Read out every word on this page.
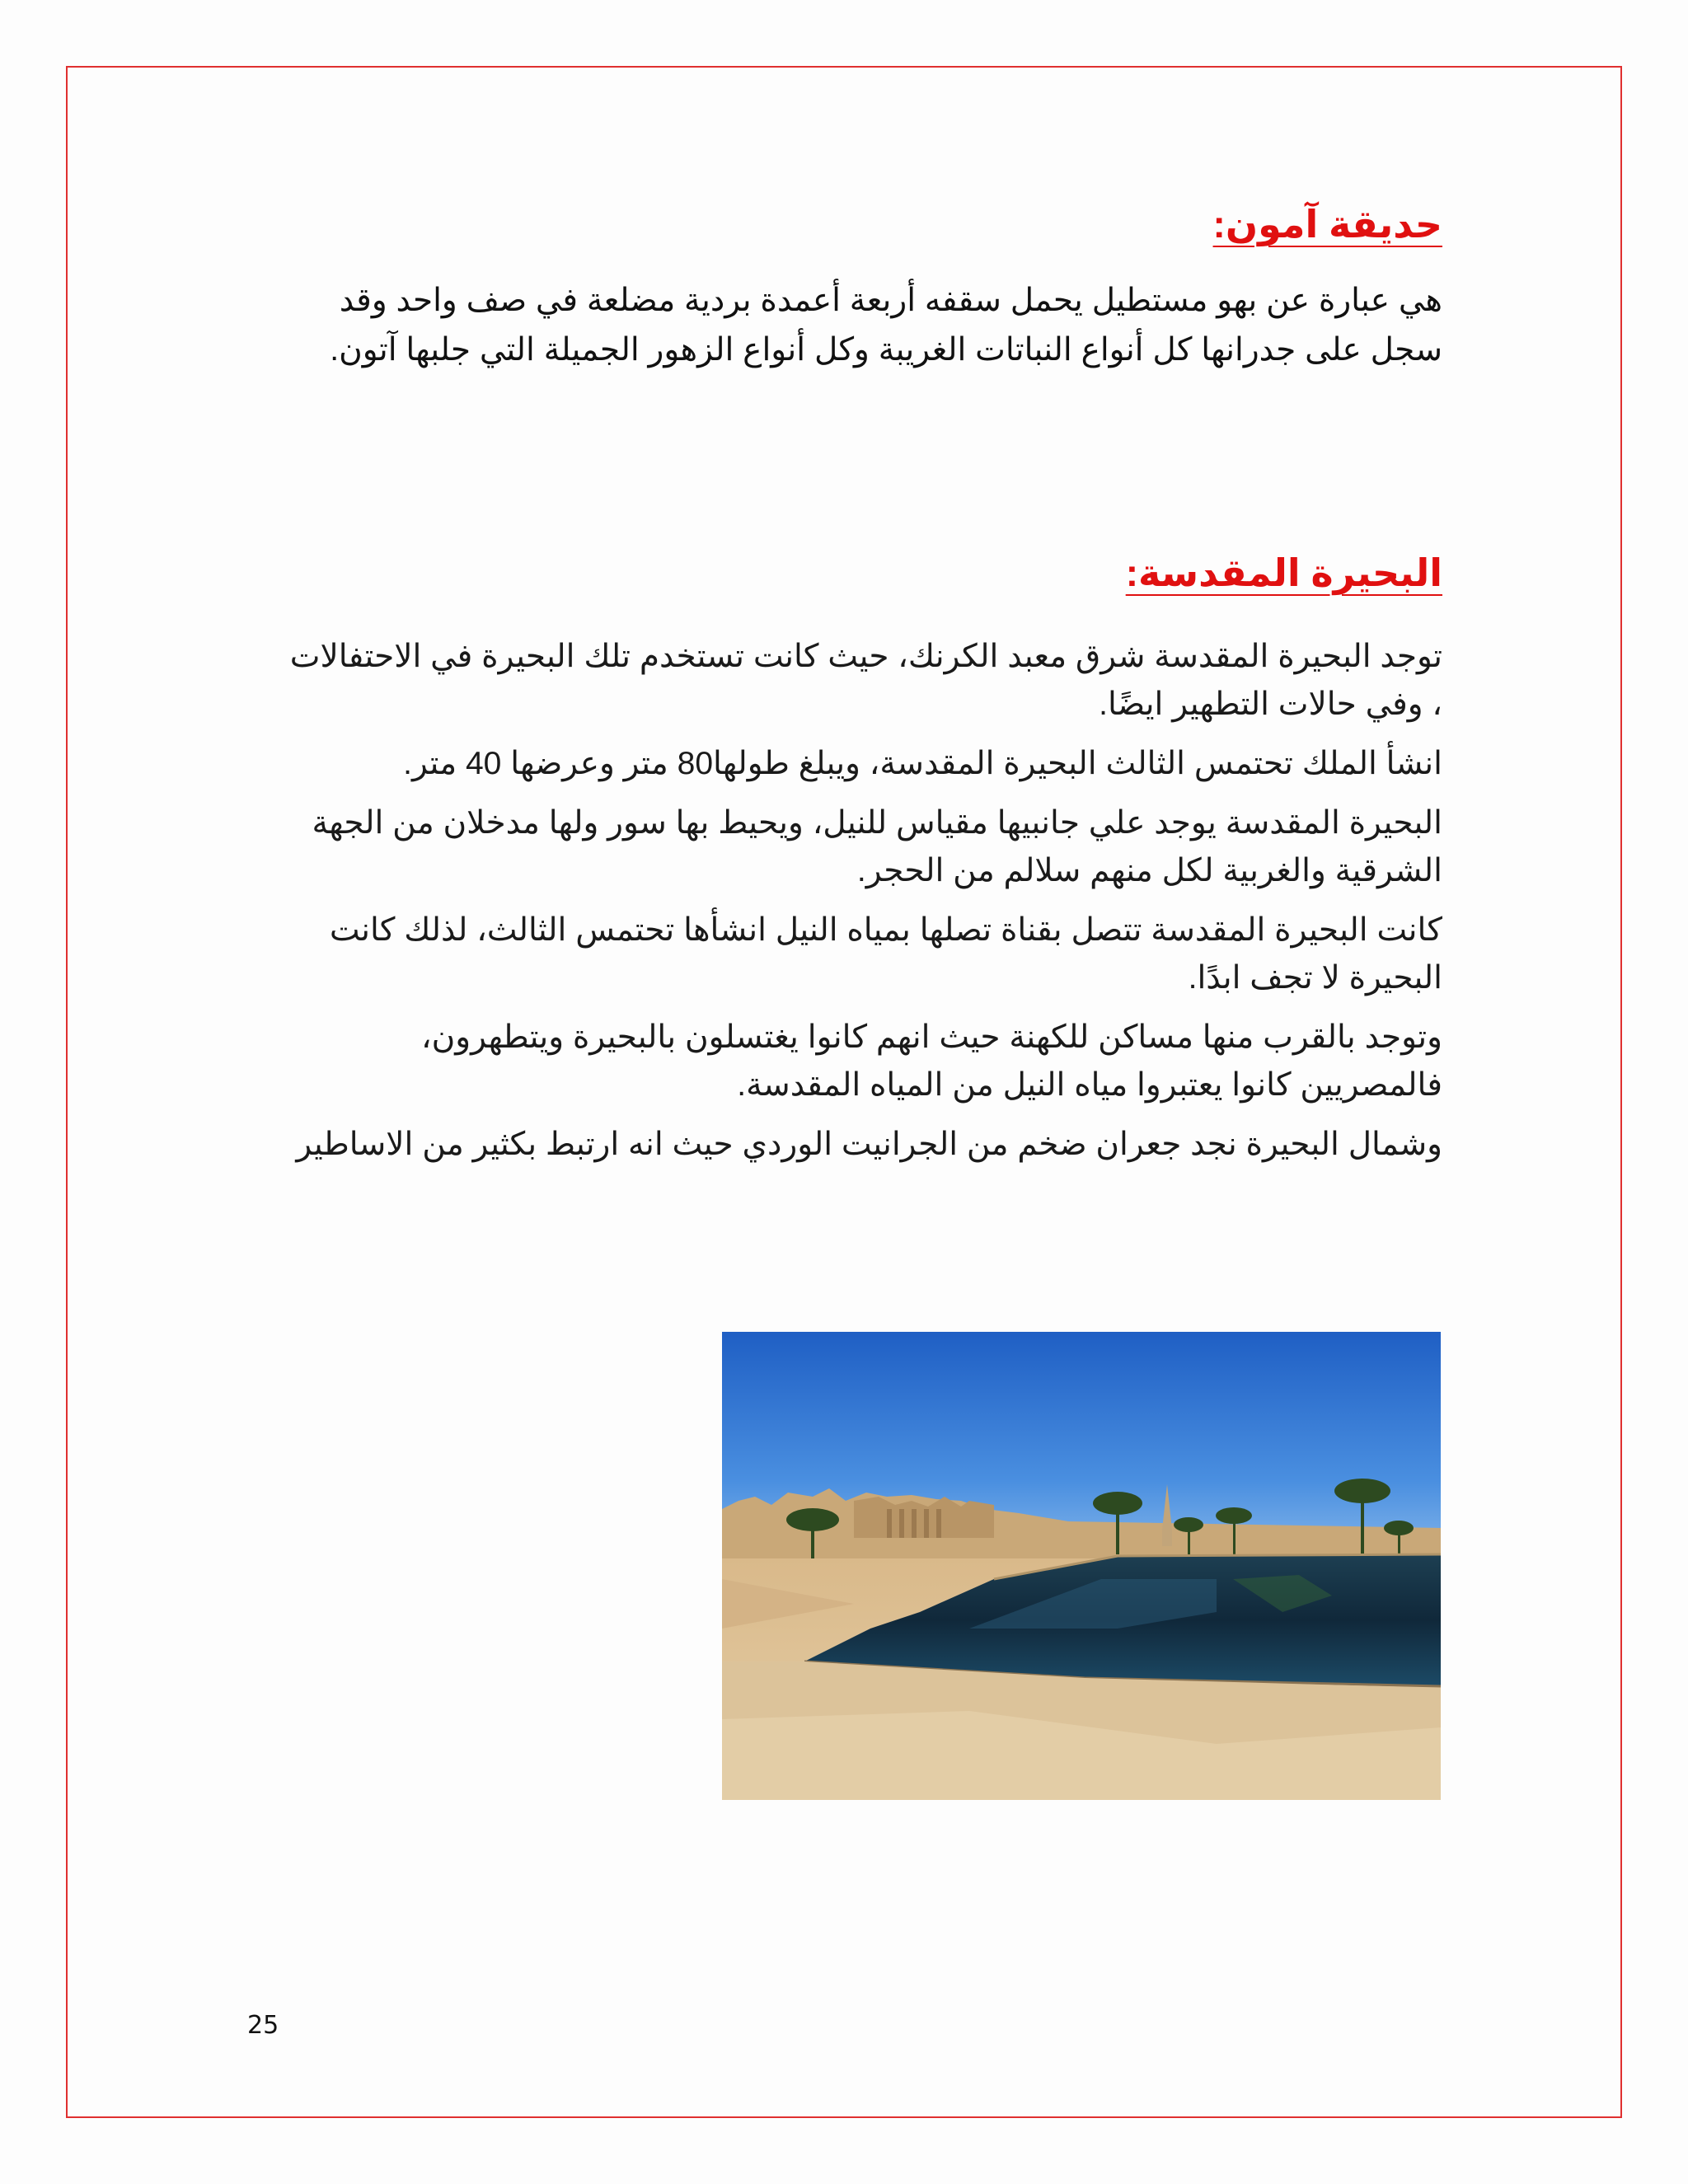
حديقة آمون:
هي عبارة عن بهو مستطيل يحمل سقفه أربعة أعمدة بردية مضلعة في صف واحد وقد سجل على جدرانها كل أنواع النباتات الغريبة وكل أنواع الزهور الجميلة التي جلبها آتون.
البحيرة المقدسة:

توجد البحيرة المقدسة شرق معبد الكرنك، حيث كانت تستخدم تلك البحيرة في الاحتفالات ، وفي حالات التطهير ايضًا.

انشأ الملك تحتمس الثالث البحيرة المقدسة، ويبلغ طولها80 متر وعرضها 40 متر.

البحيرة المقدسة يوجد علي جانبيها مقياس للنيل، ويحيط بها سور ولها مدخلان من الجهة الشرقية والغربية لكل منهم سلالم من الحجر.

كانت البحيرة المقدسة تتصل بقناة تصلها بمياه النيل انشأها تحتمس الثالث، لذلك كانت البحيرة لا تجف ابدًا.

وتوجد بالقرب منها مساكن للكهنة حيث انهم كانوا يغتسلون بالبحيرة ويتطهرون، فالمصريين كانوا يعتبروا مياه النيل من المياه المقدسة.

وشمال البحيرة نجد جعران ضخم من الجرانيت الوردي حيث انه ارتبط بكثير من الاساطير

25
